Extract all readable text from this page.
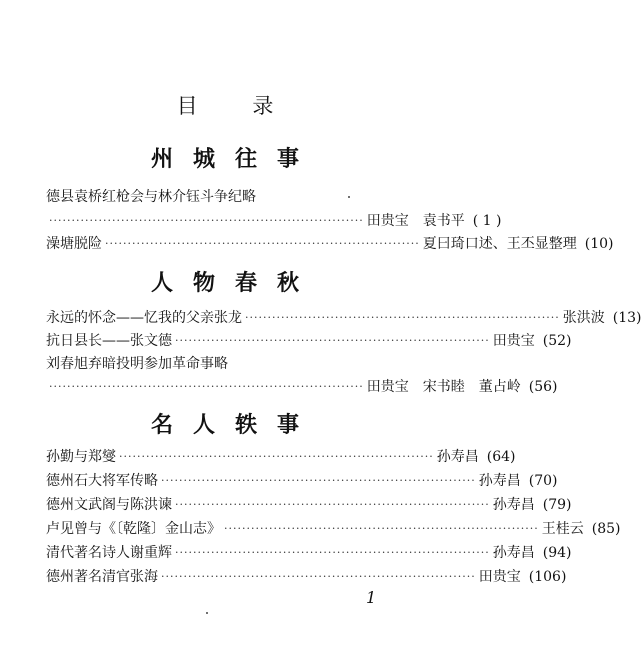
目 录
州城往事
德县袁桥红枪会与林介钰斗争纪略
······································································ 田贵宝　袁书平 ( 1 )
澡塘脱险 ······································································ 夏曰琦口述、王丕显整理 (10)
人物春秋
永远的怀念——忆我的父亲张龙 ······································································ 张洪波 (13)
抗日县长——张文德 ······································································ 田贵宝 (52)
刘春旭弃暗投明参加革命事略
······································································ 田贵宝　宋书睦　董占岭 (56)
名人轶事
孙勤与郑燮 ······································································ 孙寿昌 (64)
德州石大将军传略 ······································································ 孙寿昌 (70)
德州文武阁与陈洪谏 ······································································ 孙寿昌 (79)
卢见曾与《〔乾隆〕金山志》 ······································································ 王桂云 (85)
清代著名诗人谢重辉 ······································································ 孙寿昌 (94)
德州著名清官张海 ······································································ 田贵宝 (106)
1
